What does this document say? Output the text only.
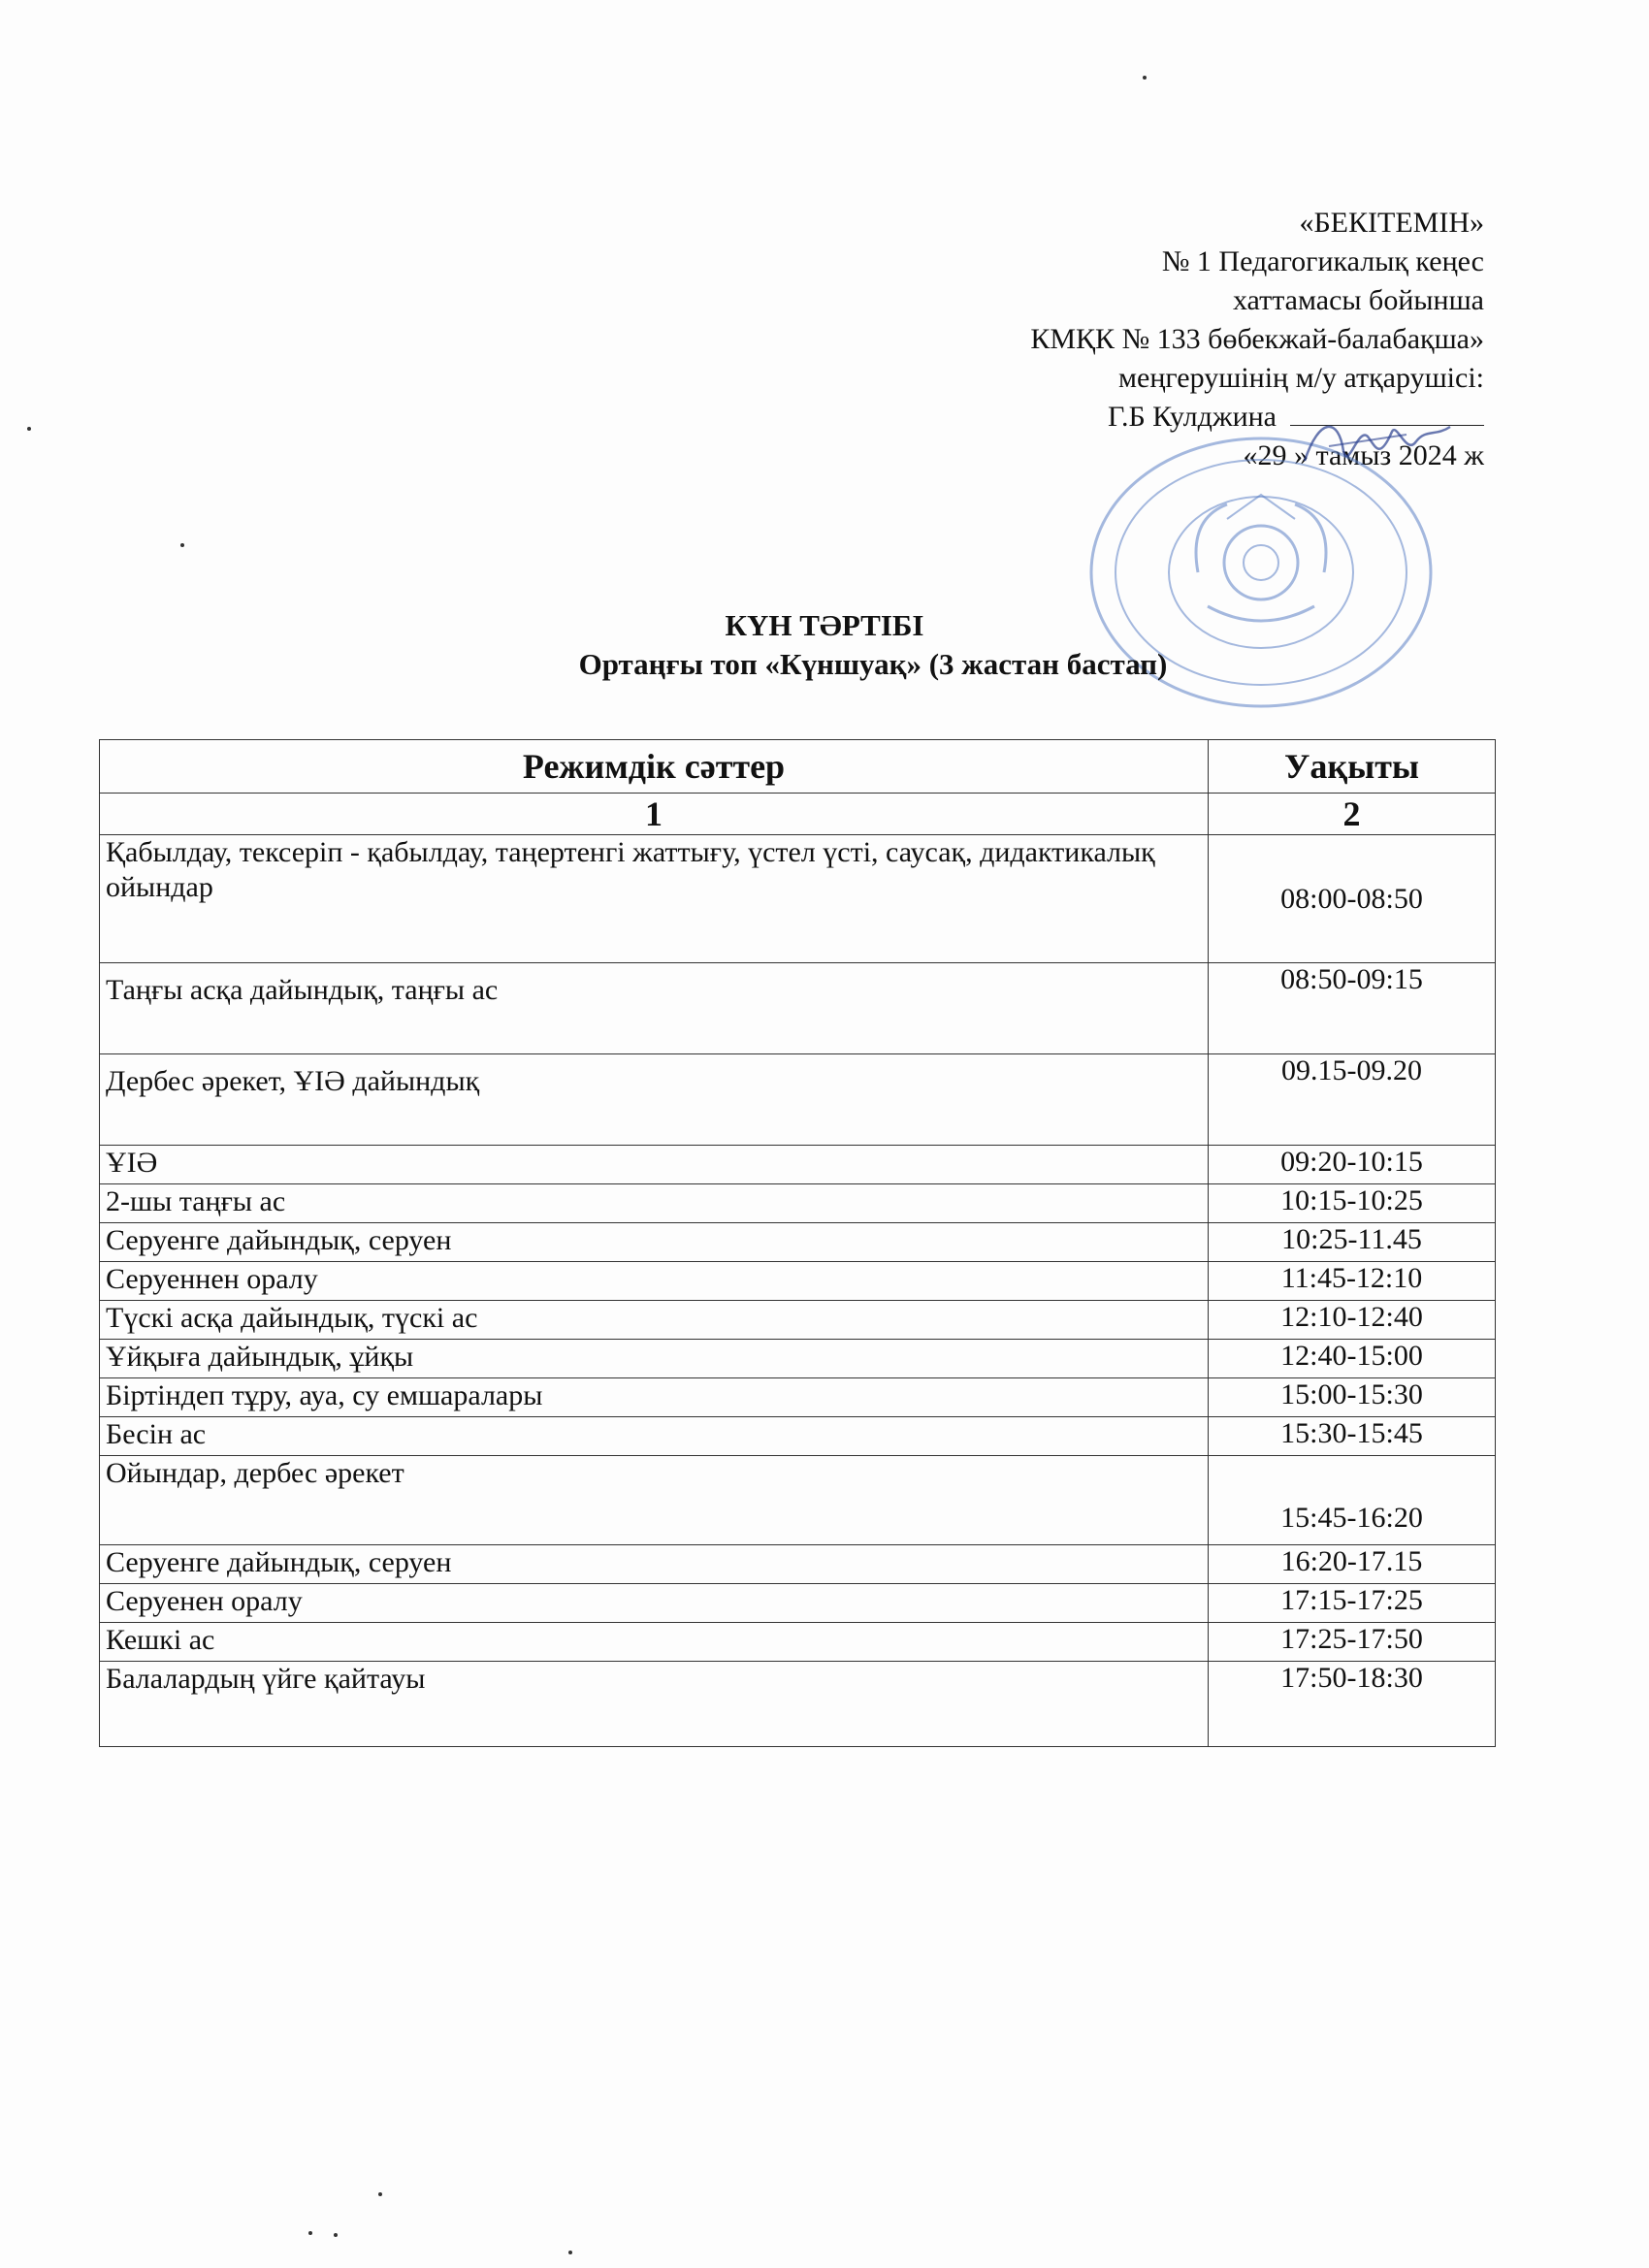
«БЕКІТЕМІН»
№ 1 Педагогикалық кеңес
хаттамасы бойынша
КМҚК № 133 бөбекжай-балабақша»
меңгерушінің м/у атқарушісі:
Г.Б Кулджина
«29 » тамыз 2024 ж
КҮН ТӘРТІБІ
Ортаңғы топ «Күншуақ» (3 жастан бастап)
Режимдік сәттер	Уақыты
1	2
Қабылдау, тексеріп - қабылдау, таңертенгі жаттығу, үстел үсті, саусақ, дидактикалық ойындар	08:00-08:50
Таңғы асқа дайындық, таңғы ас	08:50-09:15
Дербес әрекет, ҰІӘ дайындық	09.15-09.20
ҰІӘ	09:20-10:15
2-шы таңғы ас	10:15-10:25
Серуенге дайындық, серуен	10:25-11.45
Серуеннен оралу	11:45-12:10
Түскі асқа дайындық, түскі ас	12:10-12:40
Ұйқыға дайындық, ұйқы	12:40-15:00
Біртіндеп тұру, ауа, су емшаралары	15:00-15:30
Бесін ас	15:30-15:45
Ойындар, дербес әрекет	15:45-16:20
Серуенге дайындық, серуен	16:20-17.15
Серуенен оралу	17:15-17:25
Кешкі ас	17:25-17:50
Балалардың үйге қайтауы	17:50-18:30
